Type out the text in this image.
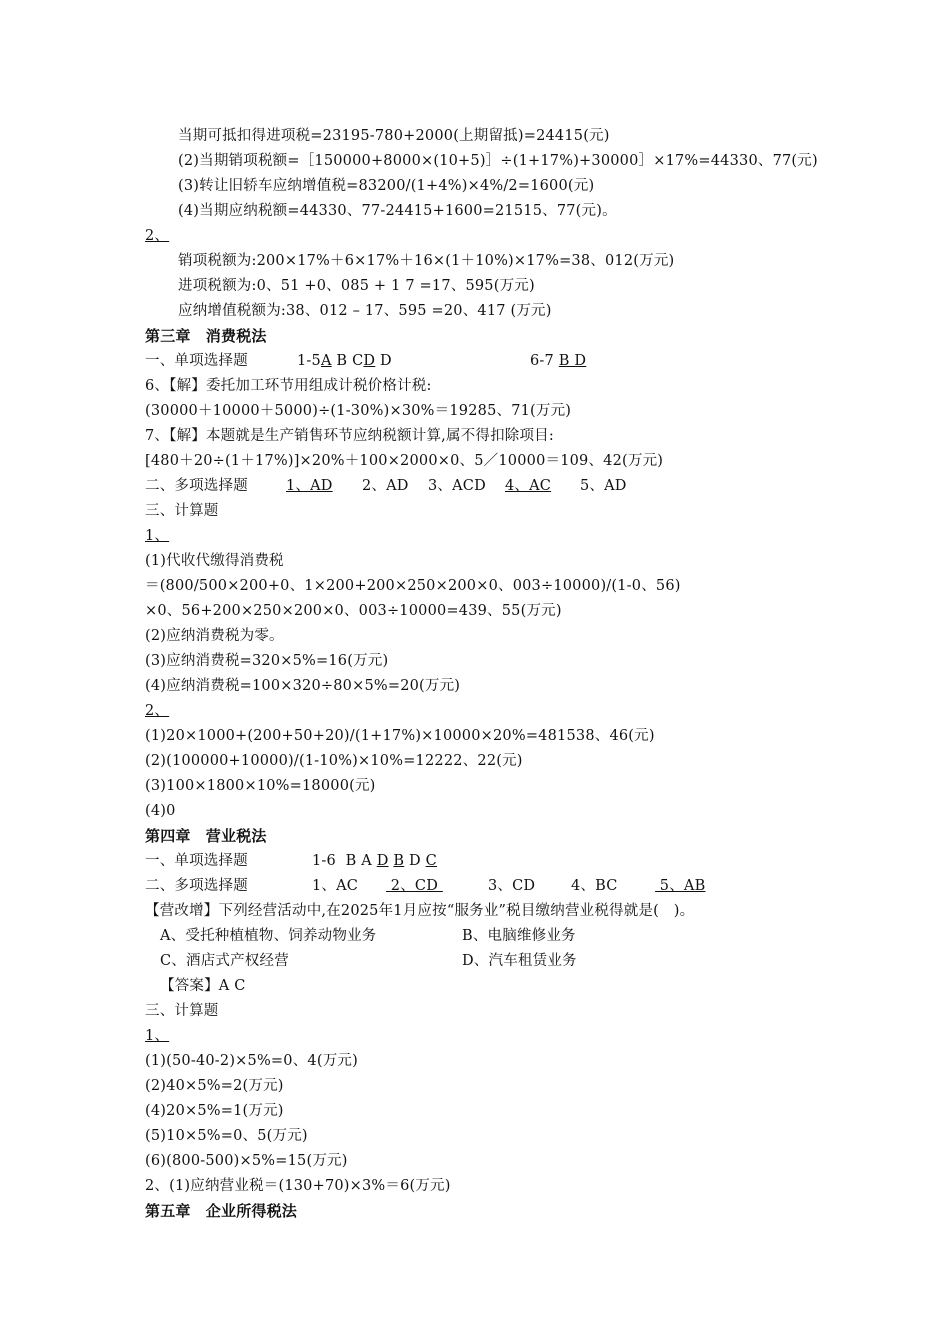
当期可抵扣得进项税=23195-780+2000(上期留抵)=24415(元)
(2)当期销项税额=［150000+8000×(10+5)］÷(1+17%)+30000］×17%=44330、77(元)
(3)转让旧轿车应纳增值税=83200/(1+4%)×4%/2=1600(元)
(4)当期应纳税额=44330、77-24415+1600=21515、77(元)。
2、
销项税额为:200×17%＋6×17%＋16×(1＋10%)×17%=38、012(万元)
进项税额为:0、51 +0、085 + 1 7 =17、595(万元)
应纳增值税额为:38、012 – 17、595 =20、417 (万元)
第三章　消费税法
一、单项选择题	1-5A B CD D	6-7 B D
6、【解】委托加工环节用组成计税价格计税:
(30000＋10000＋5000)÷(1-30%)×30%＝19285、71(万元)
7、【解】本题就是生产销售环节应纳税额计算,属不得扣除项目:
[480＋20÷(1＋17%)]×20%＋100×2000×0、5／10000＝109、42(万元)
二、多项选择题	1、AD 2、AD 3、ACD 4、AC 5、AD
三、计算题
1、
(1)代收代缴得消费税
＝(800/500×200+0、1×200+200×250×200×0、003÷10000)/(1-0、56)
×0、56+200×250×200×0、003÷10000=439、55(万元)
(2)应纳消费税为零。
(3)应纳消费税=320×5%=16(万元)
(4)应纳消费税=100×320÷80×5%=20(万元)
2、
(1)20×1000+(200+50+20)/(1+17%)×10000×20%=481538、46(元)
(2)(100000+10000)/(1-10%)×10%=12222、22(元)
(3)100×1800×10%=18000(元)
(4)0
第四章　营业税法
一、单项选择题	1-6  B A D B D C
二、多项选择题	1、AC 2、CD	3、CD 4、BC	5、AB
【营改增】下列经营活动中,在2025年1月应按“服务业”税目缴纳营业税得就是(　)。
A、受托种植植物、饲养动物业务	B、电脑维修业务
C、酒店式产权经营	D、汽车租赁业务
【答案】A C
三、计算题
1、
(1)(50-40-2)×5%=0、4(万元)
(2)40×5%=2(万元)
(4)20×5%=1(万元)
(5)10×5%=0、5(万元)
(6)(800-500)×5%=15(万元)
2、(1)应纳营业税＝(130+70)×3%＝6(万元)
第五章　企业所得税法
